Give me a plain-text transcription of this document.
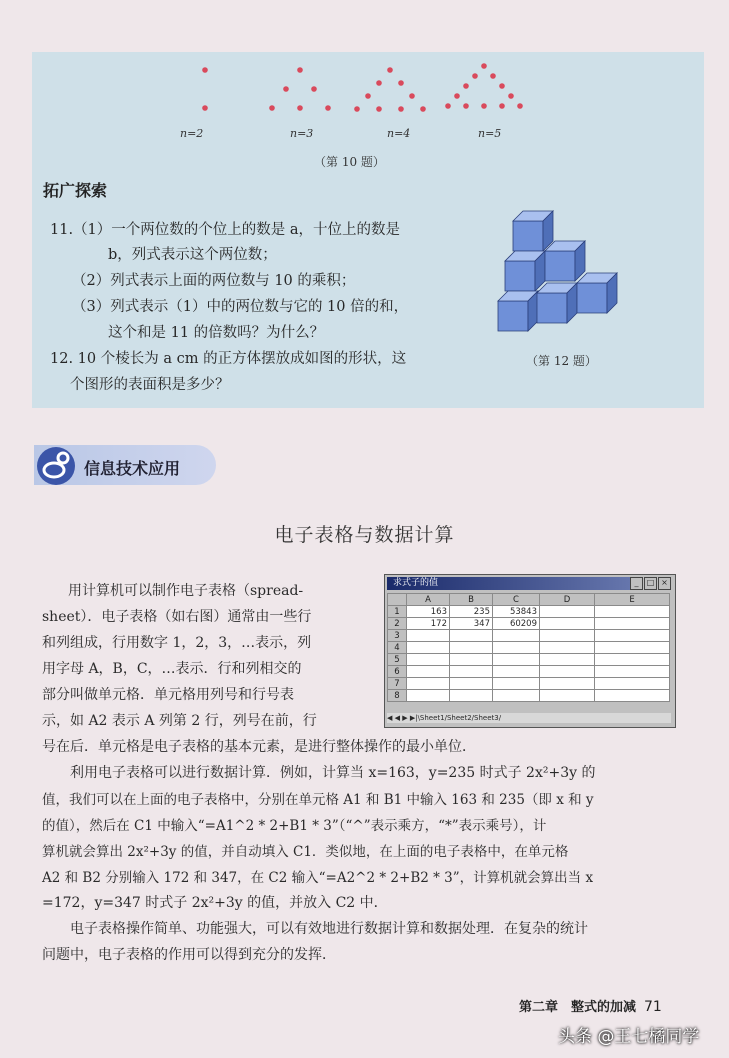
n=2	n=3	n=4	n=5
（第 10 题）
拓广探索
11.（1）一个两位数的个位上的数是 a，十位上的数是
b，列式表示这个两位数；
（2）列式表示上面的两位数与 10 的乘积；
（3）列式表示（1）中的两位数与它的 10 倍的和，
这个和是 11 的倍数吗？为什么？
12. 10 个棱长为 a cm 的正方体摆放成如图的形状，这
个图形的表面积是多少？
（第 12 题）
信息技术应用
电子表格与数据计算
用计算机可以制作电子表格（spread-
sheet）．电子表格（如右图）通常由一些行
和列组成，行用数字 1，2，3，…表示，列
用字母 A，B，C，…表示．行和列相交的
部分叫做单元格．单元格用列号和行号表
示，如 A2 表示 A 列第 2 行，列号在前，行
号在后．单元格是电子表格的基本元素，是进行整体操作的最小单位．
利用电子表格可以进行数据计算．例如，计算当 x=163，y=235 时式子 2x²+3y 的
值，我们可以在上面的电子表格中，分别在单元格 A1 和 B1 中输入 163 和 235（即 x 和 y
的值），然后在 C1 中输入“=A1^2 * 2+B1 * 3”（“^”表示乘方，“*”表示乘号），计
算机就会算出 2x²+3y 的值，并自动填入 C1．类似地，在上面的电子表格中，在单元格
A2 和 B2 分别输入 172 和 347，在 C2 输入“=A2^2 * 2+B2 * 3”，计算机就会算出当 x
=172，y=347 时式子 2x²+3y 的值，并放入 C2 中．
电子表格操作简单、功能强大，可以有效地进行数据计算和数据处理．在复杂的统计
问题中，电子表格的作用可以得到充分的发挥．
求式子的值	_	□ ×
	A	B	C	D	E
1	163	235	53843		
2	172	347	60209		
3					
4					
5					
6					
7					
8					
◀ ◀ ▶ ▶|\Sheet1/Sheet2/Sheet3/
第二章　整式的加减 71
头条 @王七橘同学
